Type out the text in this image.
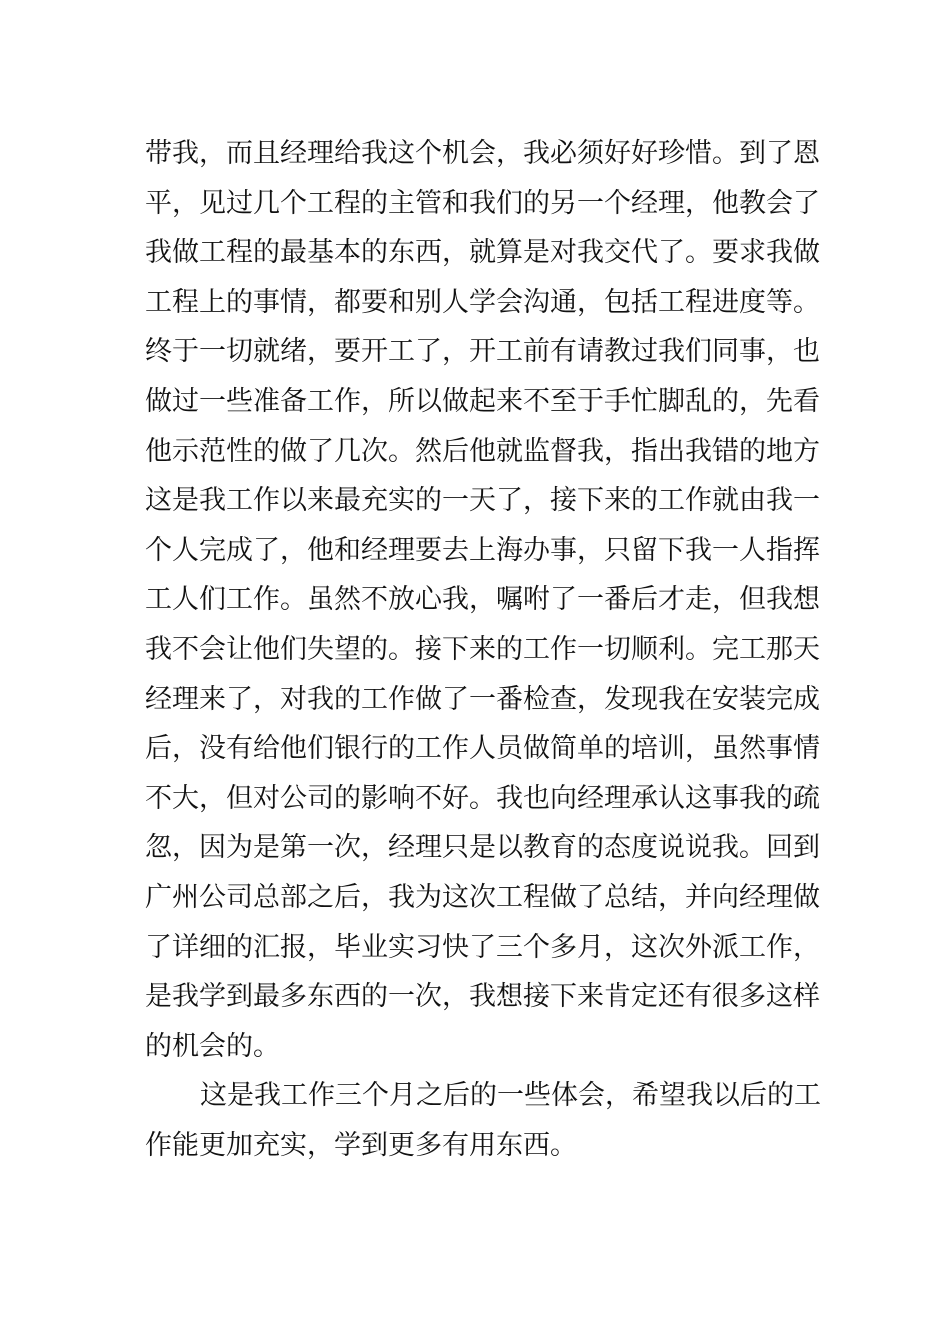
带我，而且经理给我这个机会，我必须好好珍惜。到了恩
平，见过几个工程的主管和我们的另一个经理，他教会了
我做工程的最基本的东西，就算是对我交代了。要求我做
工程上的事情，都要和别人学会沟通，包括工程进度等。
终于一切就绪，要开工了，开工前有请教过我们同事，也
做过一些准备工作，所以做起来不至于手忙脚乱的，先看
他示范性的做了几次。然后他就监督我，指出我错的地方
这是我工作以来最充实的一天了，接下来的工作就由我一
个人完成了，他和经理要去上海办事，只留下我一人指挥
工人们工作。虽然不放心我，嘱咐了一番后才走，但我想
我不会让他们失望的。接下来的工作一切顺利。完工那天
经理来了，对我的工作做了一番检查，发现我在安装完成
后，没有给他们银行的工作人员做简单的培训，虽然事情
不大，但对公司的影响不好。我也向经理承认这事我的疏
忽，因为是第一次，经理只是以教育的态度说说我。回到
广州公司总部之后，我为这次工程做了总结，并向经理做
了详细的汇报，毕业实习快了三个多月，这次外派工作，
是我学到最多东西的一次，我想接下来肯定还有很多这样
的机会的。
这是我工作三个月之后的一些体会，希望我以后的工
作能更加充实，学到更多有用东西。
